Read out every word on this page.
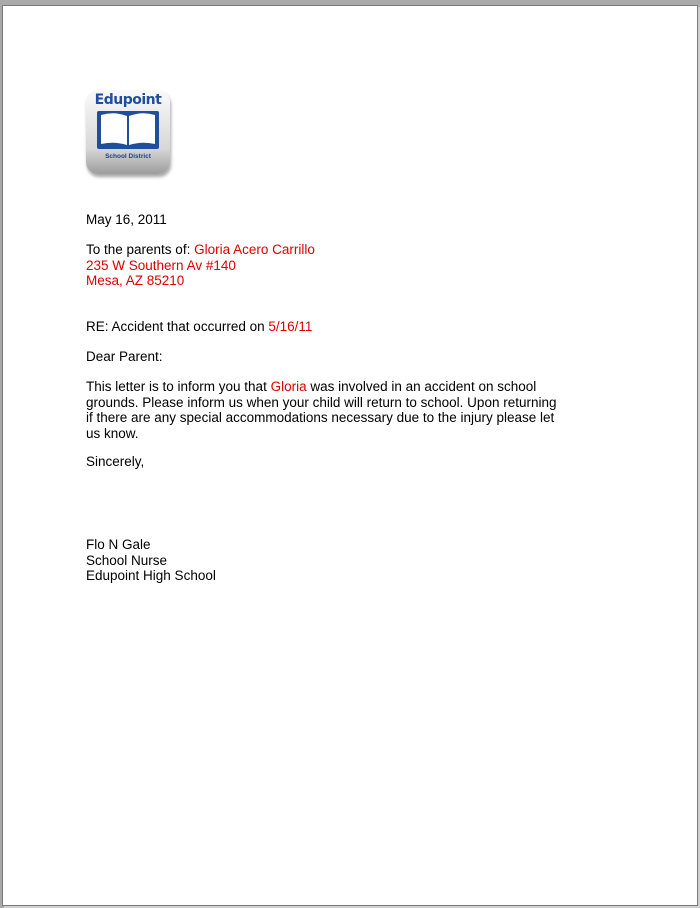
Edupoint
School District

May 16, 2011

To the parents of: Gloria Acero Carrillo

235 W Southern Av #140

Mesa, AZ 85210

RE: Accident that occurred on 5/16/11

Dear Parent:

This letter is to inform you that Gloria was involved in an accident on school grounds. Please inform us when your child will return to school. Upon returning if there are any special accommodations necessary due to the injury please let us know.

Sincerely,

Flo N Gale

School Nurse

Edupoint High School
